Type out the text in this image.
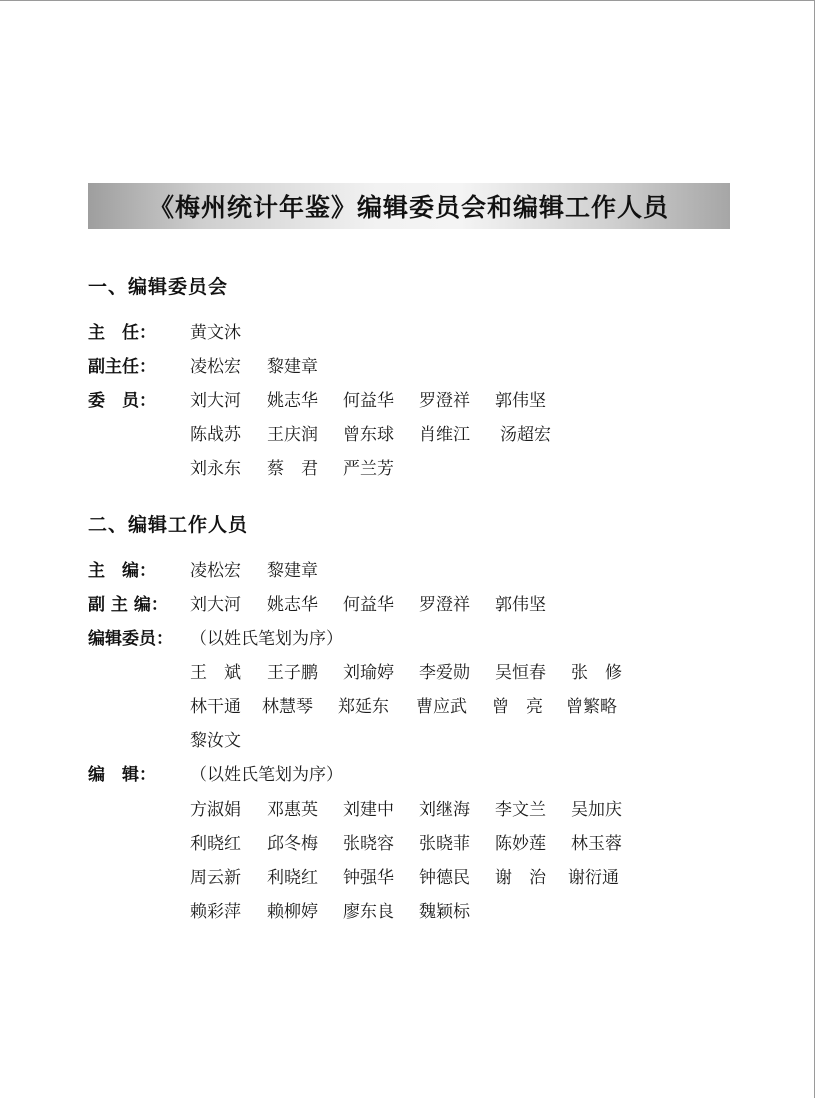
《梅州统计年鉴》编辑委员会和编辑工作人员
一、编辑委员会
主　任：	黄文沐
副主任：	凌松宏 黎建章
委　员：	刘大河 姚志华 何益华 罗澄祥 郭伟坚
陈战苏 王庆润 曾东球 肖维江 汤超宏
刘永东 蔡　君 严兰芳
二、编辑工作人员
主　编：	凌松宏 黎建章
副 主 编：	刘大河 姚志华 何益华 罗澄祥 郭伟坚
编辑委员：	（以姓氏笔划为序）
王　斌 王子鹏 刘瑜婷 李爱勋 吴恒春 张　修
林干通 林慧琴 郑延东 曹应武 曾　亮 曾繁略
黎汝文
编　辑：	（以姓氏笔划为序）
方淑娟 邓惠英 刘建中 刘继海 李文兰 吴加庆
利晓红 邱冬梅 张晓容 张晓菲 陈妙莲 林玉蓉
周云新 利晓红 钟强华 钟德民 谢　治 谢衍通
赖彩萍 赖柳婷 廖东良 魏颖标
